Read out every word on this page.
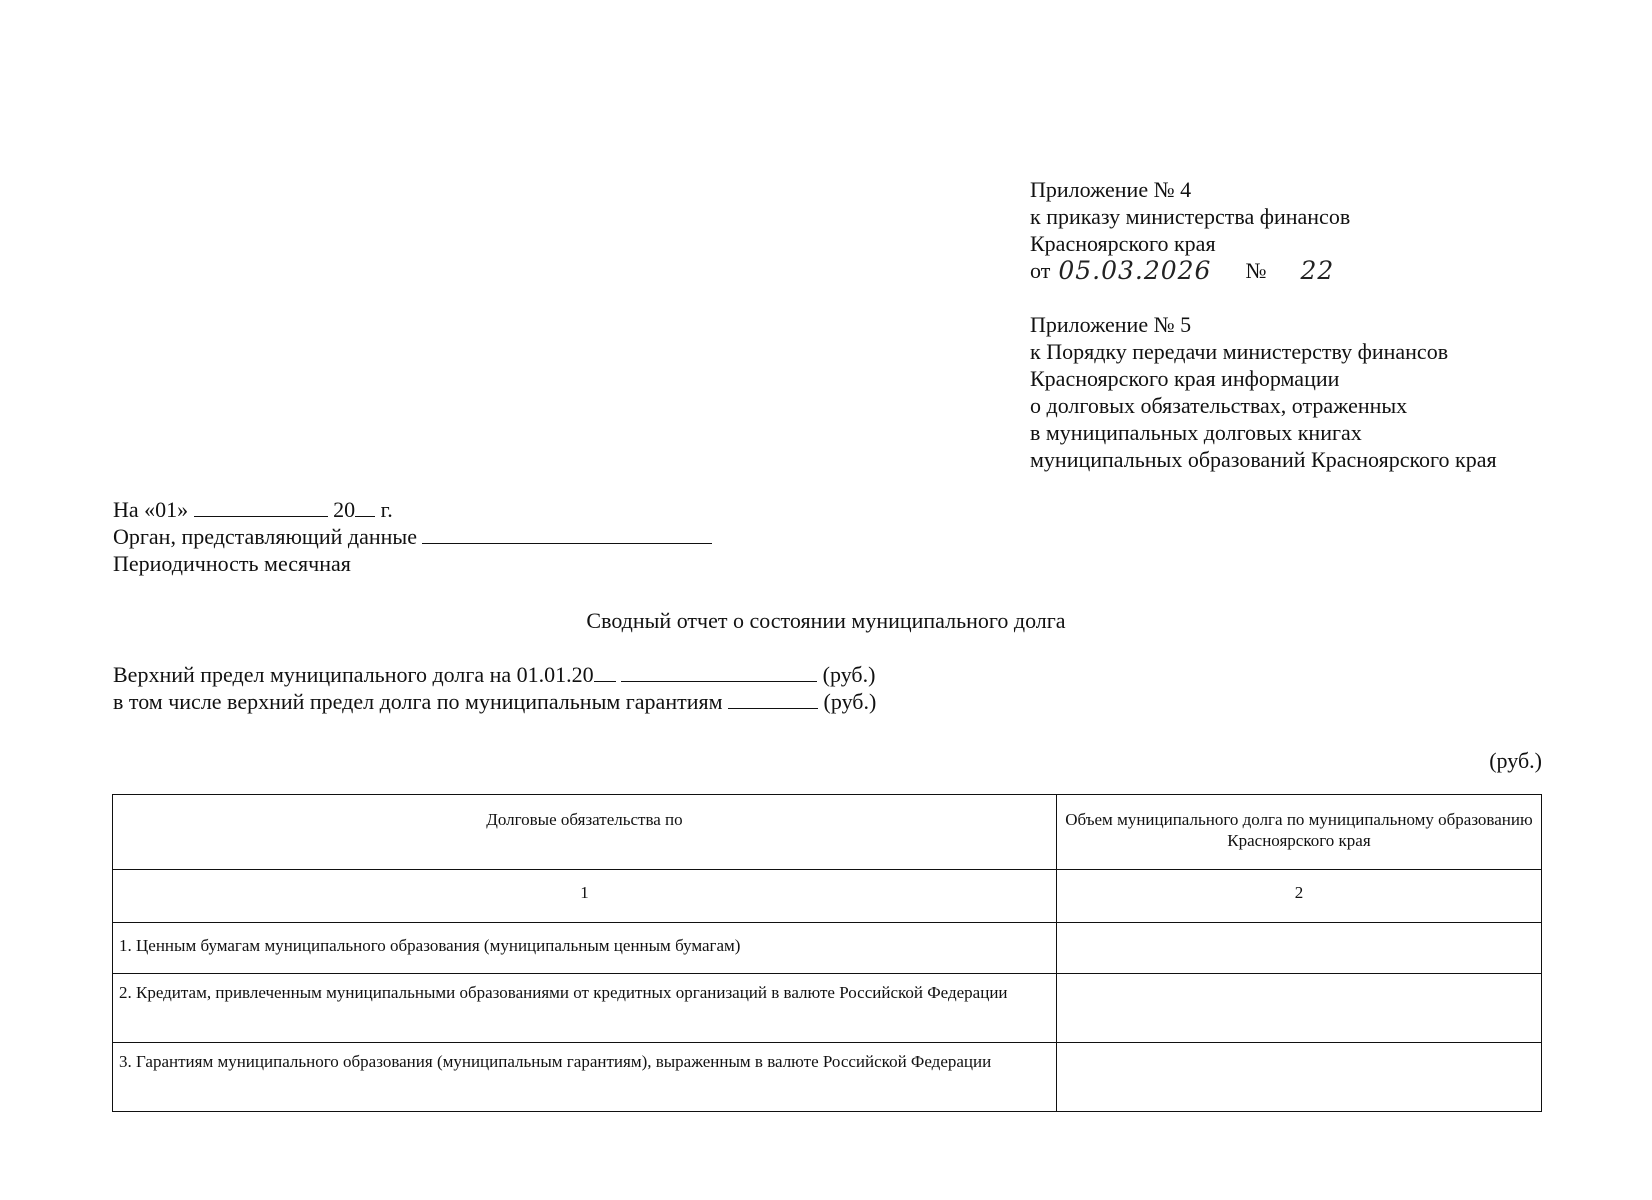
Приложение № 4
к приказу министерства финансов
Красноярского края
от 05.03.2026 № 22
Приложение № 5
к Порядку передачи министерству финансов
Красноярского края информации
о долговых обязательствах, отраженных
в муниципальных долговых книгах
муниципальных образований Красноярского края
На «01»	20 г.
Орган, представляющий данные
Периодичность месячная
Сводный отчет о состоянии муниципального долга
Верхний предел муниципального долга на 01.01.20	(руб.)
в том числе верхний предел долга по муниципальным гарантиям	(руб.)
(руб.)
Долговые обязательства по	Объем муниципального долга по муниципальному образованию Красноярского края
1	2
1. Ценным бумагам муниципального образования (муниципальным ценным бумагам)	
2. Кредитам, привлеченным муниципальными образованиями от кредитных организаций в валюте Российской Федерации	
3. Гарантиям муниципального образования (муниципальным гарантиям), выраженным в валюте Российской Федерации	
